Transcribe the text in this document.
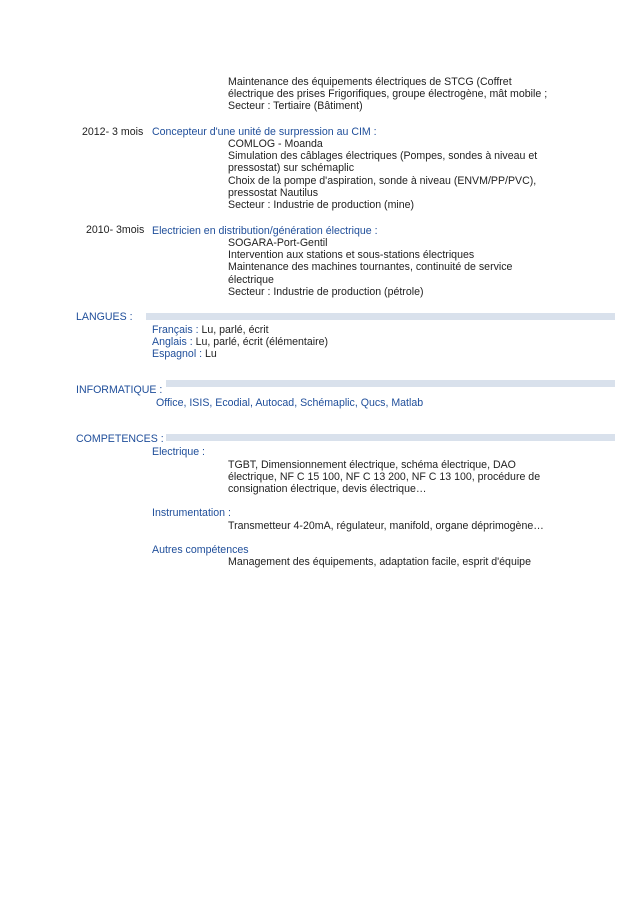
Maintenance des équipements électriques de STCG (Coffret
électrique des prises Frigorifiques, groupe électrogène, mât mobile ;
Secteur : Tertiaire (Bâtiment)
2012- 3 mois Concepteur d'une unité de surpression au CIM :
COMLOG - Moanda
Simulation des câblages électriques (Pompes, sondes à niveau et
pressostat) sur schémaplic
Choix de la pompe d'aspiration, sonde à niveau (ENVM/PP/PVC),
pressostat Nautilus
Secteur : Industrie de production (mine)
2010- 3mois Electricien en distribution/génération électrique :
SOGARA-Port-Gentil
Intervention aux stations et sous-stations électriques
Maintenance des machines tournantes, continuité de service
électrique
Secteur : Industrie de production (pétrole)
LANGUES :
Français : Lu, parlé, écrit
Anglais : Lu, parlé, écrit (élémentaire)
Espagnol : Lu
INFORMATIQUE :
Office, ISIS, Ecodial, Autocad, Schémaplic, Qucs, Matlab
COMPETENCES :
Electrique :
TGBT, Dimensionnement électrique, schéma électrique, DAO
électrique, NF C 15 100, NF C 13 200, NF C 13 100, procédure de
consignation électrique, devis électrique…
Instrumentation :
Transmetteur 4-20mA, régulateur, manifold, organe déprimogène…
Autres compétences
Management des équipements, adaptation facile, esprit d'équipe
